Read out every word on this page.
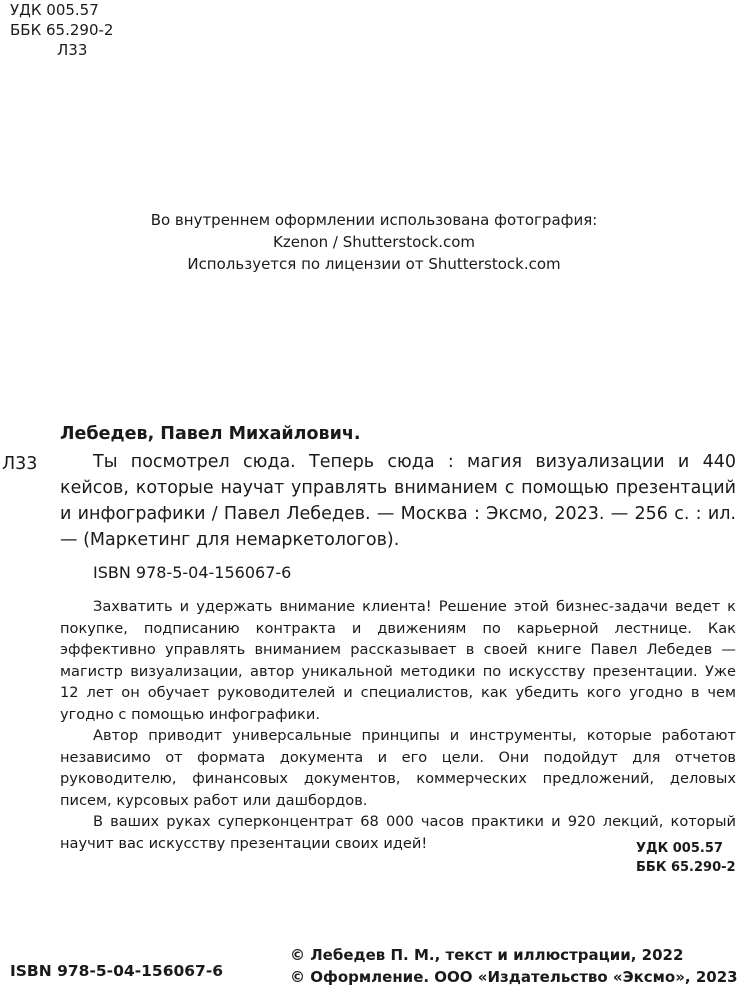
УДК 005.57
ББК 65.290-2
Л33
Во внутреннем оформлении использована фотография:
Kzenon / Shutterstock.com
Используется по лицензии от Shutterstock.com
Лебедев, Павел Михайлович.
Л33	Ты посмотрел сюда. Теперь сюда : магия визуализации и 440 кейсов, которые научат управлять вниманием с помощью презентаций и инфографики / Павел Лебедев. — Москва : Эксмо, 2023. — 256 с. : ил. — (Маркетинг для немаркетологов).
ISBN 978-5-04-156067-6

Захватить и удержать внимание клиента! Решение этой бизнес-задачи ведет к покупке, подписанию контракта и движениям по карьерной лестнице. Как эффективно управлять вниманием рассказывает в своей книге Павел Лебедев — магистр визуализации, автор уникальной методики по искусству презентации. Уже 12 лет он обучает руководителей и специалистов, как убедить кого угодно в чем угодно с помощью инфографики.

Автор приводит универсальные принципы и инструменты, которые работают независимо от формата документа и его цели. Они подойдут для отчетов руководителю, финансовых документов, коммерческих предложений, деловых писем, курсовых работ или дашбордов.

В ваших руках суперконцентрат 68 000 часов практики и 920 лекций, который научит вас искусству презентации своих идей!	УДК 005.57
ББК 65.290-2
ISBN 978-5-04-156067-6
© Лебедев П. М., текст и иллюстрации, 2022
© Оформление. ООО «Издательство «Эксмо», 2023
